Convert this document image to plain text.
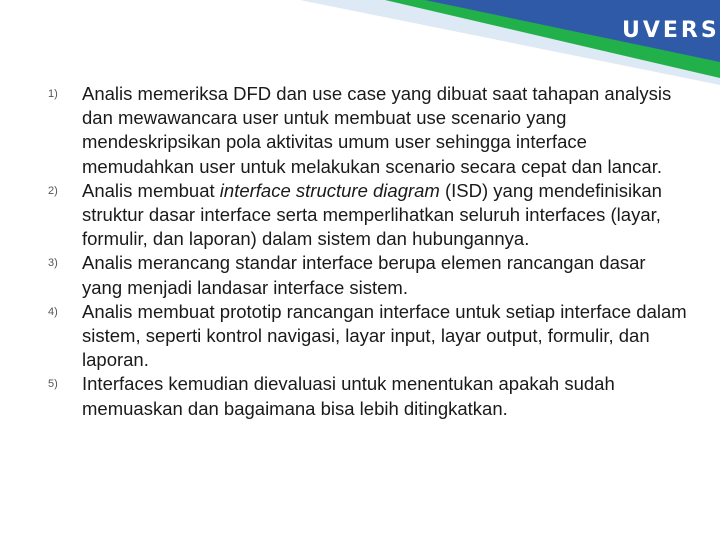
UVERS
1)	Analis memeriksa DFD dan use case yang dibuat saat tahapan analysis dan mewawancara user untuk membuat use scenario yang mendeskripsikan pola aktivitas umum user sehingga interface memudahkan user untuk melakukan scenario secara cepat dan lancar.
2)	Analis membuat interface structure diagram (ISD) yang mendefinisikan struktur dasar interface serta memperlihatkan seluruh interfaces (layar, formulir, dan laporan) dalam sistem dan hubungannya.
3)	Analis merancang standar interface berupa elemen rancangan dasar yang menjadi landasar interface sistem.
4)	Analis membuat prototip rancangan interface untuk setiap interface dalam sistem, seperti kontrol navigasi, layar input, layar output, formulir, dan laporan.
5)	Interfaces kemudian dievaluasi untuk menentukan apakah sudah memuaskan dan bagaimana bisa lebih ditingkatkan.
